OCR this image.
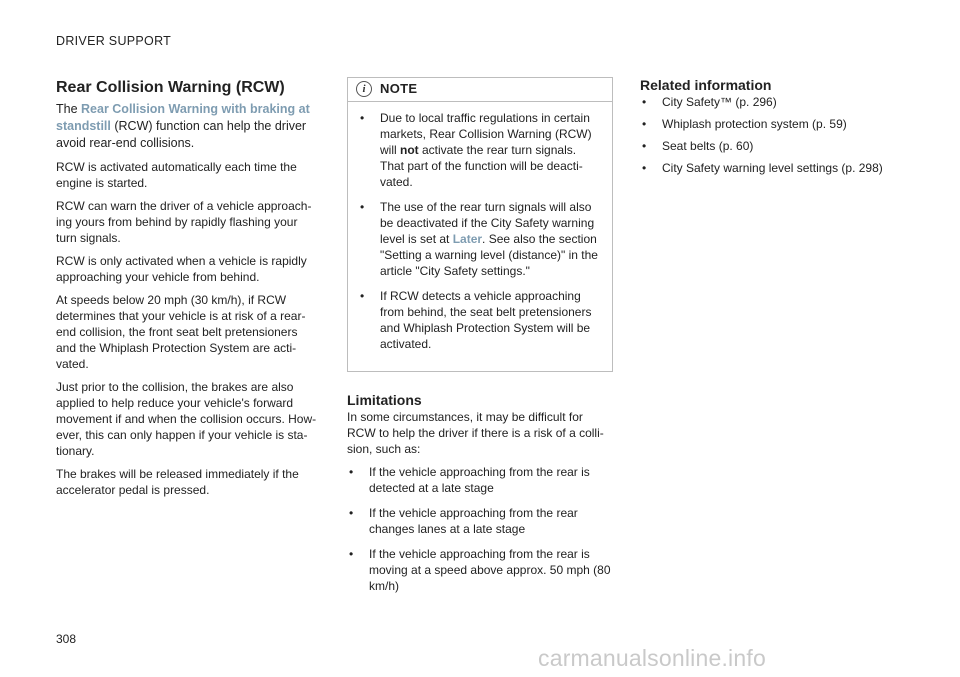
DRIVER SUPPORT
Rear Collision Warning (RCW)

The Rear Collision Warning with braking at standstill (RCW) function can help the driver avoid rear-end collisions.

RCW is activated automatically each time the engine is started.

RCW can warn the driver of a vehicle approach-ing yours from behind by rapidly flashing your turn signals.

RCW is only activated when a vehicle is rapidly approaching your vehicle from behind.

At speeds below 20 mph (30 km/h), if RCW determines that your vehicle is at risk of a rear-end collision, the front seat belt pretensioners and the Whiplash Protection System are acti-vated.

Just prior to the collision, the brakes are also applied to help reduce your vehicle's forward movement if and when the collision occurs. How-ever, this can only happen if your vehicle is sta-tionary.

The brakes will be released immediately if the accelerator pedal is pressed.

i	NOTE
• Due to local traffic regulations in certain markets, Rear Collision Warning (RCW) will not activate the rear turn signals. That part of the function will be deacti-vated.
• The use of the rear turn signals will also be deactivated if the City Safety warning level is set at Later. See also the section "Setting a warning level (distance)" in the article "City Safety settings."
• If RCW detects a vehicle approaching from behind, the seat belt pretensioners and Whiplash Protection System will be activated.
Limitations

In some circumstances, it may be difficult for RCW to help the driver if there is a risk of a colli-sion, such as:

• If the vehicle approaching from the rear is detected at a late stage
• If the vehicle approaching from the rear changes lanes at a late stage
• If the vehicle approaching from the rear is moving at a speed above approx. 50 mph (80 km/h)
Related information
• City Safety™ (p. 296)
• Whiplash protection system (p. 59)
• Seat belts (p. 60)
• City Safety warning level settings (p. 298)
308
carmanualsonline.info
